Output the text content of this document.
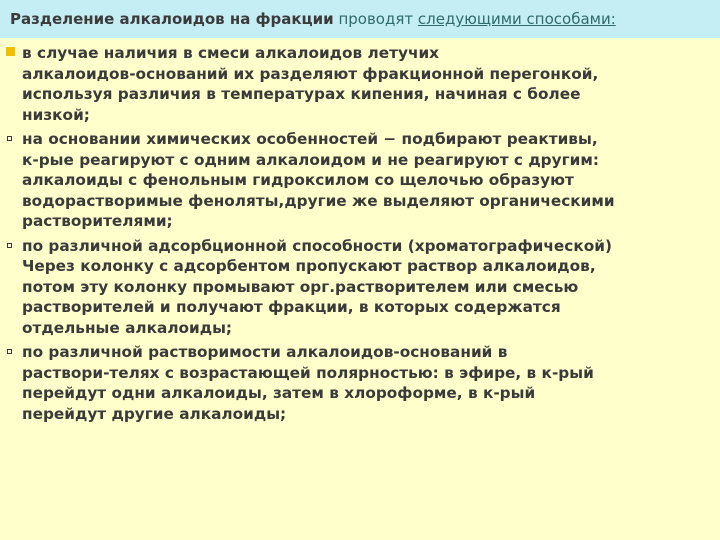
Разделение алкалоидов на фракции проводят следующими способами:
в случае наличия в смеси алкалоидов летучих
алкалоидов-оснований их разделяют фракционной перегонкой,
используя различия в температурах кипения, начиная с более
низкой;
на основании химических особенностей − подбирают реактивы,
к-рые реагируют с одним алкалоидом и не реагируют с другим:
алкалоиды с фенольным гидроксилом со щелочью образуют
водорастворимые феноляты,другие же выделяют органическими
растворителями;
по различной адсорбционной способности (хроматографической)
Через колонку с адсорбентом пропускают раствор алкалоидов,
потом эту колонку промывают орг.растворителем или смесью
растворителей и получают фракции, в которых содержатся
отдельные алкалоиды;
по различной растворимости алкалоидов-оснований в
раствори-телях с возрастающей полярностью: в эфире, в к-рый
перейдут одни алкалоиды, затем в хлороформе, в к-рый
перейдут другие алкалоиды;
